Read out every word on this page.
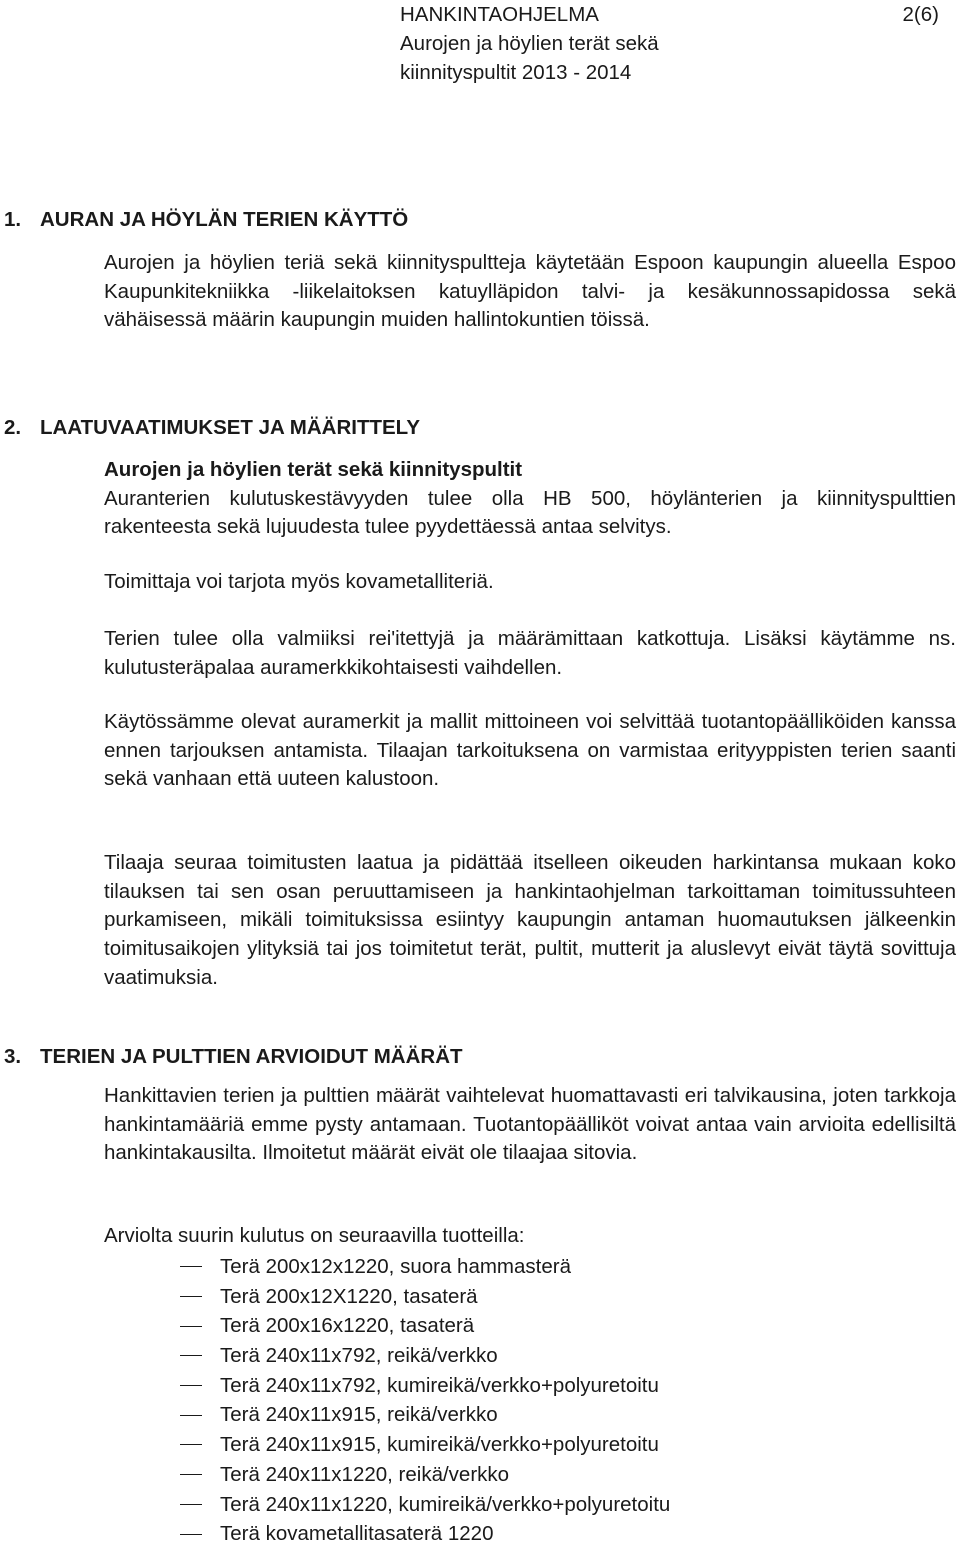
HANKINTAOHJELMA	2(6)
Aurojen ja höylien terät sekä
kiinnityspultit 2013 - 2014
1. AURAN JA HÖYLÄN TERIEN KÄYTTÖ

Aurojen ja höylien teriä sekä kiinnityspultteja käytetään Espoon kaupungin alueella Espoo Kaupunkitekniikka -liikelaitoksen katuylläpidon talvi- ja kesäkunnossapidossa sekä vähäisessä määrin kaupungin muiden hallintokuntien töissä.

2. LAATUVAATIMUKSET JA MÄÄRITTELY

Aurojen ja höylien terät sekä kiinnityspultit

Auranterien kulutuskestävyyden tulee olla HB 500, höylänterien ja kiinnityspulttien rakenteesta sekä lujuudesta tulee pyydettäessä antaa selvitys.

Toimittaja voi tarjota myös kovametalliteriä.

Terien tulee olla valmiiksi rei'itettyjä ja määrämittaan katkottuja. Lisäksi käytämme ns. kulutusteräpalaa auramerkkikohtaisesti vaihdellen.

Käytössämme olevat auramerkit ja mallit mittoineen voi selvittää tuotantopäälliköiden kanssa ennen tarjouksen antamista. Tilaajan tarkoituksena on varmistaa erityyppisten terien saanti sekä vanhaan että uuteen kalustoon.

Tilaaja seuraa toimitusten laatua ja pidättää itselleen oikeuden harkintansa mukaan koko tilauksen tai sen osan peruuttamiseen ja hankintaohjelman tarkoittaman toimitussuhteen purkamiseen, mikäli toimituksissa esiintyy kaupungin antaman huomautuksen jälkeenkin toimitusaikojen ylityksiä tai jos toimitetut terät, pultit, mutterit ja aluslevyt eivät täytä sovittuja vaatimuksia.

3. TERIEN JA PULTTIEN ARVIOIDUT MÄÄRÄT

Hankittavien terien ja pulttien määrät vaihtelevat huomattavasti eri talvikausina, joten tarkkoja hankintamääriä emme pysty antamaan. Tuotantopäälliköt voivat antaa vain arvioita edellisiltä hankintakausilta. Ilmoitetut määrät eivät ole tilaajaa sitovia.

Arviolta suurin kulutus on seuraavilla tuotteilla:

Terä 200x12x1220, suora hammasterä
Terä 200x12X1220, tasaterä
Terä 200x16x1220, tasaterä
Terä 240x11x792, reikä/verkko
Terä 240x11x792, kumireikä/verkko+polyuretoitu
Terä 240x11x915, reikä/verkko
Terä 240x11x915, kumireikä/verkko+polyuretoitu
Terä 240x11x1220, reikä/verkko
Terä 240x11x1220, kumireikä/verkko+polyuretoitu
Terä kovametallitasaterä 1220
